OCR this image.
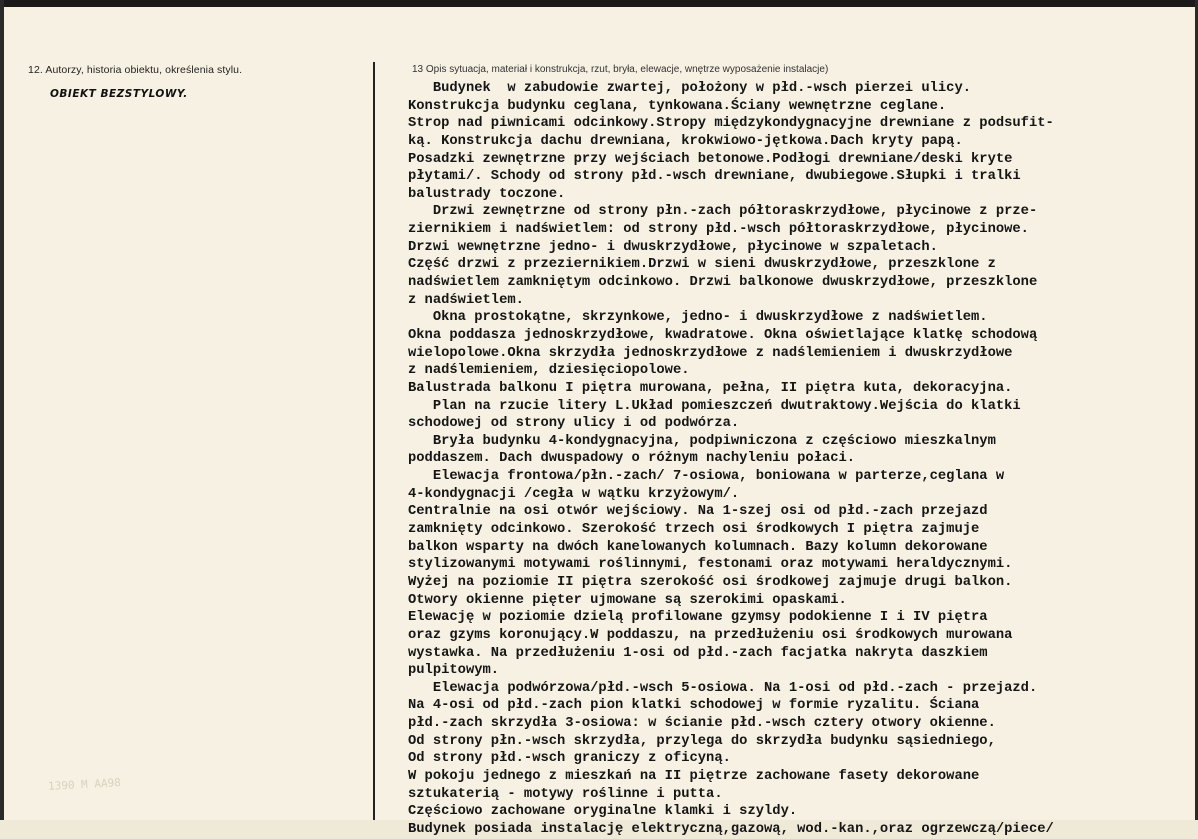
12. Autorzy, historia obiektu, określenia stylu.
OBIEKT BEZSTYLOWY.
1390 M AA98
13 Opis sytuacja, materiał i konstrukcja, rzut, bryła, elewacje, wnętrze wyposażenie instalacje)
Budynek  w zabudowie zwartej, położony w płd.-wsch pierzei ulicy.
Konstrukcja budynku ceglana, tynkowana.Ściany wewnętrzne ceglane.
Strop nad piwnicami odcinkowy.Stropy międzykondygnacyjne drewniane z podsufit-
ką. Konstrukcja dachu drewniana, krokwiowo-jętkowa.Dach kryty papą.
Posadzki zewnętrzne przy wejściach betonowe.Podłogi drewniane/deski kryte
płytami/. Schody od strony płd.-wsch drewniane, dwubiegowe.Słupki i tralki
balustrady toczone.
Drzwi zewnętrzne od strony płn.-zach półtoraskrzydłowe, płycinowe z prze-
ziernikiem i nadświetlem: od strony płd.-wsch półtoraskrzydłowe, płycinowe.
Drzwi wewnętrzne jedno- i dwuskrzydłowe, płycinowe w szpaletach.
Część drzwi z przeziernikiem.Drzwi w sieni dwuskrzydłowe, przeszklone z
nadświetlem zamkniętym odcinkowo. Drzwi balkonowe dwuskrzydłowe, przeszklone
z nadświetlem.
Okna prostokątne, skrzynkowe, jedno- i dwuskrzydłowe z nadświetlem.
Okna poddasza jednoskrzydłowe, kwadratowe. Okna oświetlające klatkę schodową
wielopolowe.Okna skrzydła jednoskrzydłowe z nadślemieniem i dwuskrzydłowe
z nadślemieniem, dziesięciopolowe.
Balustrada balkonu I piętra murowana, pełna, II piętra kuta, dekoracyjna.
Plan na rzucie litery L.Układ pomieszczeń dwutraktowy.Wejścia do klatki
schodowej od strony ulicy i od podwórza.
Bryła budynku 4-kondygnacyjna, podpiwniczona z częściowo mieszkalnym
poddaszem. Dach dwuspadowy o różnym nachyleniu połaci.
Elewacja frontowa/płn.-zach/ 7-osiowa, boniowana w parterze,ceglana w
4-kondygnacji /cegła w wątku krzyżowym/.
Centralnie na osi otwór wejściowy. Na 1-szej osi od płd.-zach przejazd
zamknięty odcinkowo. Szerokość trzech osi środkowych I piętra zajmuje
balkon wsparty na dwóch kanelowanych kolumnach. Bazy kolumn dekorowane
stylizowanymi motywami roślinnymi, festonami oraz motywami heraldycznymi.
Wyżej na poziomie II piętra szerokość osi środkowej zajmuje drugi balkon.
Otwory okienne pięter ujmowane są szerokimi opaskami.
Elewację w poziomie dzielą profilowane gzymsy podokienne I i IV piętra
oraz gzyms koronujący.W poddaszu, na przedłużeniu osi środkowych murowana
wystawka. Na przedłużeniu 1-osi od płd.-zach facjatka nakryta daszkiem
pulpitowym.
Elewacja podwórzowa/płd.-wsch 5-osiowa. Na 1-osi od płd.-zach - przejazd.
Na 4-osi od płd.-zach pion klatki schodowej w formie ryzalitu. Ściana
płd.-zach skrzydła 3-osiowa: w ścianie płd.-wsch cztery otwory okienne.
Od strony płn.-wsch skrzydła, przylega do skrzydła budynku sąsiedniego,
Od strony płd.-wsch graniczy z oficyną.
W pokoju jednego z mieszkań na II piętrze zachowane fasety dekorowane
sztukaterią - motywy roślinne i putta.
Częściowo zachowane oryginalne klamki i szyldy.
Budynek posiada instalację elektryczną,gazową, wod.-kan.,oraz ogrzewczą/piece/
